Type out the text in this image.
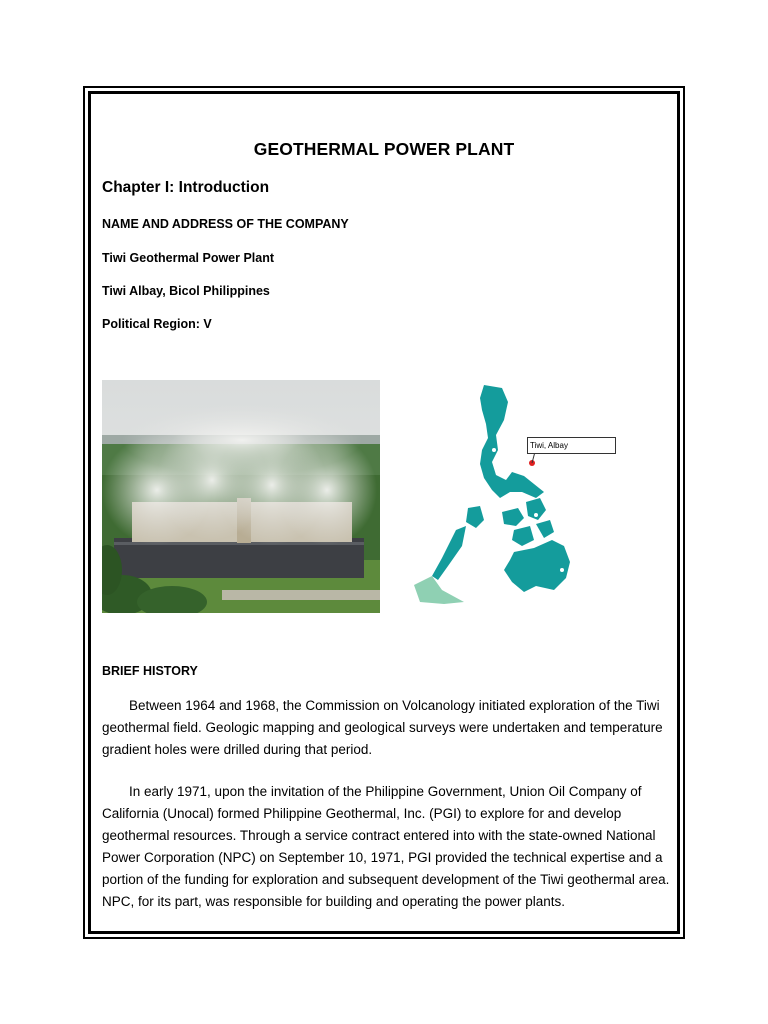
GEOTHERMAL POWER PLANT
Chapter I: Introduction
NAME AND ADDRESS OF THE COMPANY
Tiwi Geothermal Power Plant
Tiwi Albay, Bicol Philippines
Political Region: V
Tiwi, Albay
BRIEF HISTORY

Between 1964 and 1968, the Commission on Volcanology initiated exploration of the Tiwi geothermal field. Geologic mapping and geological surveys were undertaken and temperature gradient holes were drilled during that period.

In early 1971, upon the invitation of the Philippine Government, Union Oil Company of California (Unocal) formed Philippine Geothermal, Inc. (PGI) to explore for and develop geothermal resources. Through a service contract entered into with the state-owned National Power Corporation (NPC) on September 10, 1971, PGI provided the technical expertise and a portion of the funding for exploration and subsequent development of the Tiwi geothermal area. NPC, for its part, was responsible for building and operating the power plants.
